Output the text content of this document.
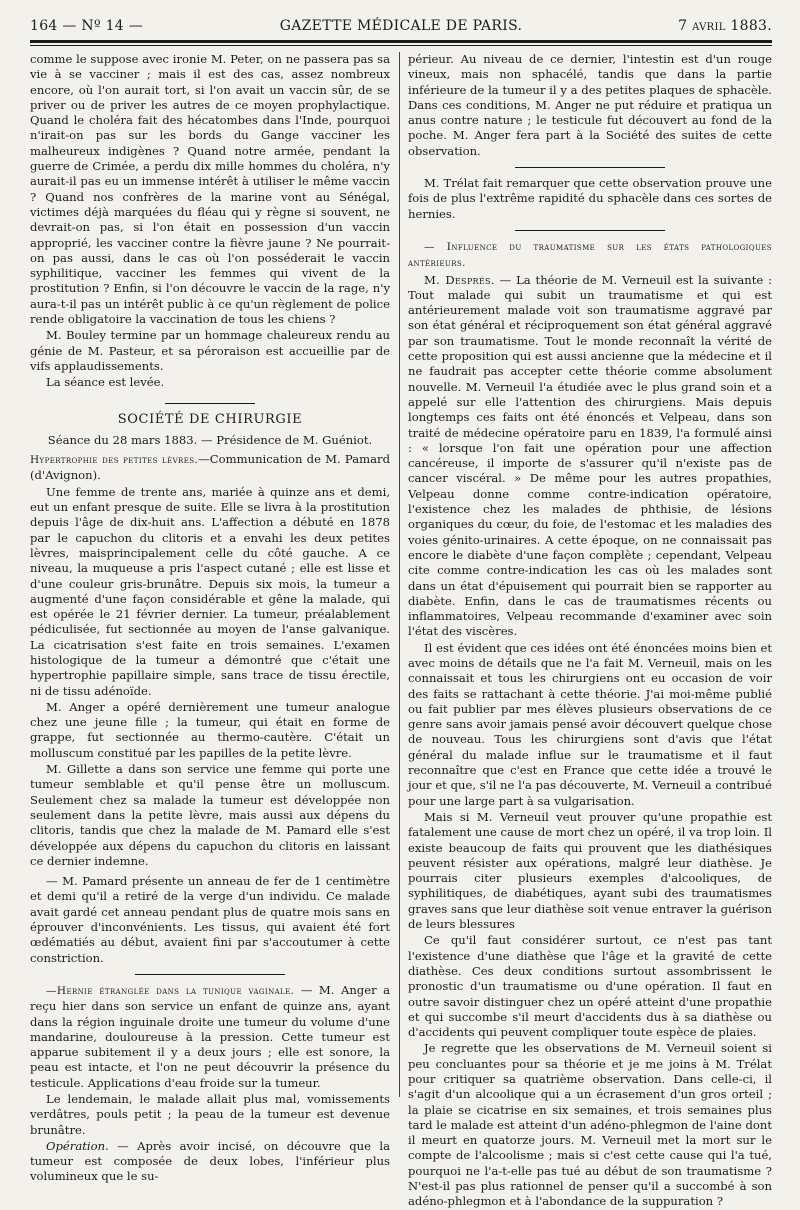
164 — Nº 14 —	GAZETTE MÉDICALE DE PARIS.	7 avril 1883.

comme le suppose avec ironie M. Peter, on ne passera pas sa vie à se vacciner ; mais il est des cas, assez nombreux encore, où l'on aurait tort, si l'on avait un vaccin sûr, de se priver ou de priver les autres de ce moyen prophylactique. Quand le choléra fait des hécatombes dans l'Inde, pourquoi n'irait-on pas sur les bords du Gange vacciner les malheureux indigènes ? Quand notre armée, pendant la guerre de Crimée, a perdu dix mille hommes du choléra, n'y aurait-il pas eu un immense intérêt à utiliser le même vaccin ? Quand nos confrères de la marine vont au Sénégal, victimes déjà marquées du fléau qui y règne si souvent, ne devrait-on pas, si l'on était en possession d'un vaccin approprié, les vacciner contre la fièvre jaune ? Ne pourrait-on pas aussi, dans le cas où l'on posséderait le vaccin syphilitique, vacciner les femmes qui vivent de la prostitution ? Enfin, si l'on découvre le vaccin de la rage, n'y aura-t-il pas un intérêt public à ce qu'un règlement de police rende obligatoire la vaccination de tous les chiens ?

M. Bouley termine par un hommage chaleureux rendu au génie de M. Pasteur, et sa péroraison est accueillie par de vifs applaudissements.

La séance est levée.

SOCIÉTÉ DE CHIRURGIE
Séance du 28 mars 1883. — Présidence de M. Guéniot.

Hypertrophie des petites lèvres.—Communication de M. Pamard (d'Avignon).

Une femme de trente ans, mariée à quinze ans et demi, eut un enfant presque de suite. Elle se livra à la prostitution depuis l'âge de dix-huit ans. L'affection a débuté en 1878 par le capuchon du clitoris et a envahi les deux petites lèvres, maisprincipalement celle du côté gauche. A ce niveau, la muqueuse a pris l'aspect cutané ; elle est lisse et d'une couleur gris-brunâtre. Depuis six mois, la tumeur a augmenté d'une façon considérable et gêne la malade, qui est opérée le 21 février dernier. La tumeur, préalablement pédiculisée, fut sectionnée au moyen de l'anse galvanique. La cicatrisation s'est faite en trois semaines. L'examen histologique de la tumeur a démontré que c'était une hypertrophie papillaire simple, sans trace de tissu érectile, ni de tissu adénoïde.

M. Anger a opéré dernièrement une tumeur analogue chez une jeune fille ; la tumeur, qui était en forme de grappe, fut sectionnée au thermo-cautère. C'était un molluscum constitué par les papilles de la petite lèvre.

M. Gillette a dans son service une femme qui porte une tumeur semblable et qu'il pense être un molluscum. Seulement chez sa malade la tumeur est développée non seulement dans la petite lèvre, mais aussi aux dépens du clitoris, tandis que chez la malade de M. Pamard elle s'est développée aux dépens du capuchon du clitoris en laissant ce dernier indemne.

— M. Pamard présente un anneau de fer de 1 centimètre et demi qu'il a retiré de la verge d'un individu. Ce malade avait gardé cet anneau pendant plus de quatre mois sans en éprouver d'inconvénients. Les tissus, qui avaient été fort œdématiés au début, avaient fini par s'accoutumer à cette constriction.

—Hernie étranglée dans la tunique vaginale. — M. Anger a reçu hier dans son service un enfant de quinze ans, ayant dans la région inguinale droite une tumeur du volume d'une mandarine, douloureuse à la pression. Cette tumeur est apparue subitement il y a deux jours ; elle est sonore, la peau est intacte, et l'on ne peut découvrir la présence du testicule. Applications d'eau froide sur la tumeur.

Le lendemain, le malade allait plus mal, vomissements verdâtres, pouls petit ; la peau de la tumeur est devenue brunâtre.

Opération. — Après avoir incisé, on découvre que la tumeur est composée de deux lobes, l'inférieur plus volumineux que le su-

périeur. Au niveau de ce dernier, l'intestin est d'un rouge vineux, mais non sphacélé, tandis que dans la partie inférieure de la tumeur il y a des petites plaques de sphacèle. Dans ces conditions, M. Anger ne put réduire et pratiqua un anus contre nature ; le testicule fut découvert au fond de la poche. M. Anger fera part à la Société des suites de cette observation.

M. Trélat fait remarquer que cette observation prouve une fois de plus l'extrême rapidité du sphacèle dans ces sortes de hernies.

— Influence du traumatisme sur les états pathologiques antérieurs.

M. Després. — La théorie de M. Verneuil est la suivante : Tout malade qui subit un traumatisme et qui est antérieurement malade voit son traumatisme aggravé par son état général et réciproquement son état général aggravé par son traumatisme. Tout le monde reconnaît la vérité de cette proposition qui est aussi ancienne que la médecine et il ne faudrait pas accepter cette théorie comme absolument nouvelle. M. Verneuil l'a étudiée avec le plus grand soin et a appelé sur elle l'attention des chirurgiens. Mais depuis longtemps ces faits ont été énoncés et Velpeau, dans son traité de médecine opératoire paru en 1839, l'a formulé ainsi : « lorsque l'on fait une opération pour une affection cancéreuse, il importe de s'assurer qu'il n'existe pas de cancer viscéral. » De même pour les autres propathies, Velpeau donne comme contre-indication opératoire, l'existence chez les malades de phthisie, de lésions organiques du cœur, du foie, de l'estomac et les maladies des voies génito-urinaires. A cette époque, on ne connaissait pas encore le diabète d'une façon complète ; cependant, Velpeau cite comme contre-indication les cas où les malades sont dans un état d'épuisement qui pourrait bien se rapporter au diabète. Enfin, dans le cas de traumatismes récents ou inflammatoires, Velpeau recommande d'examiner avec soin l'état des viscères.

Il est évident que ces idées ont été énoncées moins bien et avec moins de détails que ne l'a fait M. Verneuil, mais on les connaissait et tous les chirurgiens ont eu occasion de voir des faits se rattachant à cette théorie. J'ai moi-même publié ou fait publier par mes élèves plusieurs observations de ce genre sans avoir jamais pensé avoir découvert quelque chose de nouveau. Tous les chirurgiens sont d'avis que l'état général du malade influe sur le traumatisme et il faut reconnaître que c'est en France que cette idée a trouvé le jour et que, s'il ne l'a pas découverte, M. Verneuil a contribué pour une large part à sa vulgarisation.

Mais si M. Verneuil veut prouver qu'une propathie est fatalement une cause de mort chez un opéré, il va trop loin. Il existe beaucoup de faits qui prouvent que les diathésiques peuvent résister aux opérations, malgré leur diathèse. Je pourrais citer plusieurs exemples d'alcooliques, de syphilitiques, de diabétiques, ayant subi des traumatismes graves sans que leur diathèse soit venue entraver la guérison de leurs blessures

Ce qu'il faut considérer surtout, ce n'est pas tant l'existence d'une diathèse que l'âge et la gravité de cette diathèse. Ces deux conditions surtout assombrissent le pronostic d'un traumatisme ou d'une opération. Il faut en outre savoir distinguer chez un opéré atteint d'une propathie et qui succombe s'il meurt d'accidents dus à sa diathèse ou d'accidents qui peuvent compliquer toute espèce de plaies.

Je regrette que les observations de M. Verneuil soient si peu concluantes pour sa théorie et je me joins à M. Trélat pour critiquer sa quatrième observation. Dans celle-ci, il s'agit d'un alcoolique qui a un écrasement d'un gros orteil ; la plaie se cicatrise en six semaines, et trois semaines plus tard le malade est atteint d'un adéno-phlegmon de l'aine dont il meurt en quatorze jours. M. Verneuil met la mort sur le compte de l'alcoolisme ; mais si c'est cette cause qui l'a tué, pourquoi ne l'a-t-elle pas tué au début de son traumatisme ? N'est-il pas plus rationnel de penser qu'il a succombé à son adéno-phlegmon et à l'abondance de la suppuration ?
